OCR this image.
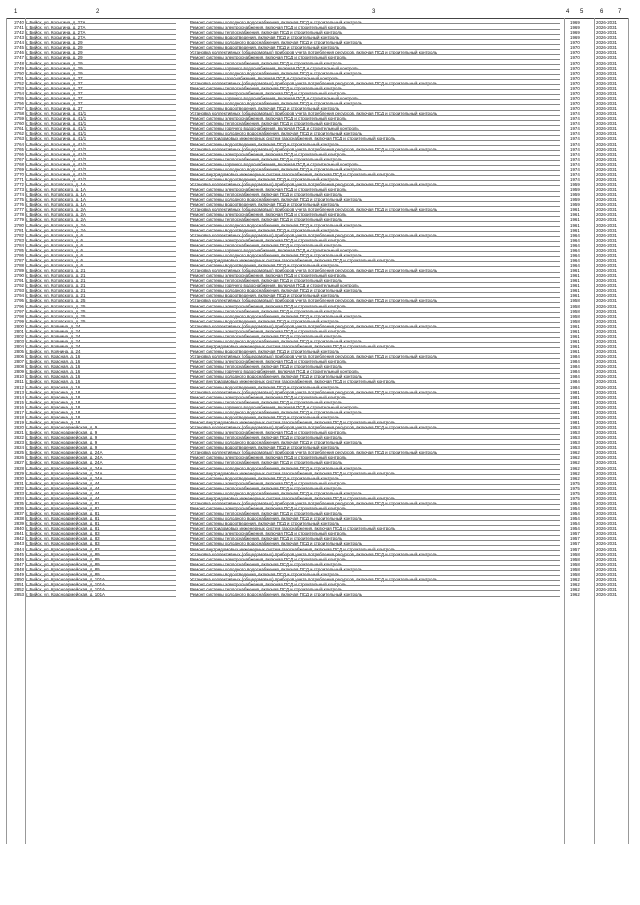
1	2	3	4 5	6 7
2740 г. Бийск, ул. Косыгина, д. 27А	Ремонт системы холодного водоснабжения, включая ПСД и строительный контроль	1969	2026-2031
2741 г. Бийск, ул. Косыгина, д. 27А	Ремонт системы электроснабжения, включая ПСД и строительный контроль	1969	2026-2031
2742 г. Бийск, ул. Косыгина, д. 27А	Ремонт системы теплоснабжения, включая ПСД и строительный контроль	1969	2026-2031
2743 г. Бийск, ул. Косыгина, д. 27А	Ремонт системы водоотведения, включая ПСД и строительный контроль	1969	2026-2031
2744 г. Бийск, ул. Косыгина, д. 29	Ремонт системы холодного водоснабжения, включая ПСД и строительный контроль	1970	2026-2031
2745 г. Бийск, ул. Косыгина, д. 29	Ремонт системы водоотведения, включая ПСД и строительный контроль	1970	2026-2031
2746 г. Бийск, ул. Косыгина, д. 29	Установка коллективных (общедомовых) приборов учета потребления ресурсов, включая ПСД и строительный контроль	1970	2026-2031
2747 г. Бийск, ул. Косыгина, д. 29	Ремонт системы электроснабжения, включая ПСД и строительный контроль	1970	2026-2031
2748 г. Бийск, ул. Косыгина, д. 29	Ремонт системы теплоснабжения, включая ПСД и строительный контроль	1970	2026-2031
2749 г. Бийск, ул. Косыгина, д. 29	Ремонт системы горячего водоснабжения, включая ПСД и строительный контроль	1970	2026-2031
2750 г. Бийск, ул. Косыгина, д. 29	Ремонт системы холодного водоснабжения, включая ПСД и строительный контроль	1970	2026-2031
2751 г. Бийск, ул. Косыгина, д. 37	Ремонт системы газоснабжения, включая ПСД и строительный контроль	1970	2026-2031
2752 г. Бийск, ул. Косыгина, д. 37	Установка коллективных (общедомовых) приборов учета потребления ресурсов, включая ПСД и строительный контроль	1970	2026-2031
2753 г. Бийск, ул. Косыгина, д. 37	Ремонт системы теплоснабжения, включая ПСД и строительный контроль	1970	2026-2031
2754 г. Бийск, ул. Косыгина, д. 37	Ремонт системы электроснабжения, включая ПСД и строительный контроль	1970	2026-2031
2755 г. Бийск, ул. Косыгина, д. 37	Ремонт системы горячего водоснабжения, включая ПСД и строительный контроль	1970	2026-2031
2756 г. Бийск, ул. Косыгина, д. 37	Ремонт системы холодного водоснабжения, включая ПСД и строительный контроль	1970	2026-2031
2757 г. Бийск, ул. Косыгина, д. 37	Ремонт системы водоотведения, включая ПСД и строительный контроль	1970	2026-2031
2758 г. Бийск, ул. Косыгина, д. 41/1	Установка коллективных (общедомовых) приборов учета потребления ресурсов, включая ПСД и строительный контроль	1974	2026-2031
2759 г. Бийск, ул. Косыгина, д. 41/1	Ремонт системы электроснабжения, включая ПСД и строительный контроль	1974	2026-2031
2760 г. Бийск, ул. Косыгина, д. 41/1	Ремонт системы теплоснабжения, включая ПСД и строительный контроль	1974	2026-2031
2761 г. Бийск, ул. Косыгина, д. 41/1	Ремонт системы горячего водоснабжения, включая ПСД и строительный контроль	1974	2026-2031
2762 г. Бийск, ул. Косыгина, д. 41/1	Ремонт системы холодного водоснабжения, включая ПСД и строительный контроль	1974	2026-2031
2763 г. Бийск, ул. Косыгина, д. 41/1	Ремонт внутридомовых инженерных систем газоснабжения, включая ПСД и строительный контроль	1974	2026-2031
2764 г. Бийск, ул. Косыгина, д. 41/1	Ремонт системы водоотведения, включая ПСД и строительный контроль	1974	2026-2031
2765 г. Бийск, ул. Косыгина, д. 41/2	Установка коллективных (общедомовых) приборов учета потребления ресурсов, включая ПСД и строительный контроль	1974	2026-2031
2766 г. Бийск, ул. Косыгина, д. 41/2	Ремонт системы электроснабжения, включая ПСД и строительный контроль	1974	2026-2031
2767 г. Бийск, ул. Косыгина, д. 41/2	Ремонт системы теплоснабжения, включая ПСД и строительный контроль	1974	2026-2031
2768 г. Бийск, ул. Косыгина, д. 41/2	Ремонт системы горячего водоснабжения, включая ПСД и строительный контроль	1974	2026-2031
2769 г. Бийск, ул. Косыгина, д. 41/2	Ремонт системы холодного водоснабжения, включая ПСД и строительный контроль	1974	2026-2031
2770 г. Бийск, ул. Косыгина, д. 41/2	Ремонт внутридомовых инженерных систем газоснабжения, включая ПСД и строительный контроль	1974	2026-2031
2771 г. Бийск, ул. Косыгина, д. 41/2	Ремонт системы водоотведения, включая ПСД и строительный контроль	1974	2026-2031
2772 г. Бийск, ул. Котовского, д. 1А	Установка коллективных (общедомовых) приборов учета потребления ресурсов, включая ПСД и строительный контроль	1959	2026-2031
2773 г. Бийск, ул. Котовского, д. 1А	Ремонт системы электроснабжения, включая ПСД и строительный контроль	1959	2026-2031
2774 г. Бийск, ул. Котовского, д. 1А	Ремонт системы теплоснабжения, включая ПСД и строительный контроль	1959	2026-2031
2775 г. Бийск, ул. Котовского, д. 1А	Ремонт системы холодного водоснабжения, включая ПСД и строительный контроль	1959	2026-2031
2776 г. Бийск, ул. Котовского, д. 1А	Ремонт системы водоотведения, включая ПСД и строительный контроль	1959	2026-2031
2777 г. Бийск, ул. Котовского, д. 2А	Установка коллективных (общедомовых) приборов учета потребления ресурсов, включая ПСД и строительный контроль	1961	2026-2031
2778 г. Бийск, ул. Котовского, д. 2А	Ремонт системы электроснабжения, включая ПСД и строительный контроль	1961	2026-2031
2779 г. Бийск, ул. Котовского, д. 2А	Ремонт системы теплоснабжения, включая ПСД и строительный контроль	1961	2026-2031
2780 г. Бийск, ул. Котовского, д. 2А	Ремонт системы холодного водоснабжения, включая ПСД и строительный контроль	1961	2026-2031
2781 г. Бийск, ул. Котовского, д. 2А	Ремонт системы водоотведения, включая ПСД и строительный контроль	1961	2026-2031
2782 г. Бийск, ул. Котовского, д. 6	Установка коллективных (общедомовых) приборов учета потребления ресурсов, включая ПСД и строительный контроль	1964	2026-2031
2783 г. Бийск, ул. Котовского, д. 6	Ремонт системы электроснабжения, включая ПСД и строительный контроль	1964	2026-2031
2784 г. Бийск, ул. Котовского, д. 6	Ремонт системы теплоснабжения, включая ПСД и строительный контроль	1964	2026-2031
2785 г. Бийск, ул. Котовского, д. 6	Ремонт системы горячего водоснабжения, включая ПСД и строительный контроль	1964	2026-2031
2786 г. Бийск, ул. Котовского, д. 6	Ремонт системы холодного водоснабжения, включая ПСД и строительный контроль	1964	2026-2031
2787 г. Бийск, ул. Котовского, д. 6	Ремонт внутридомовых инженерных систем газоснабжения, включая ПСД и строительный контроль	1964	2026-2031
2788 г. Бийск, ул. Котовского, д. 6	Ремонт системы водоотведения, включая ПСД и строительный контроль	1964	2026-2031
2789 г. Бийск, ул. Котовского, д. 21	Установка коллективных (общедомовых) приборов учета потребления ресурсов, включая ПСД и строительный контроль	1961	2026-2031
2790 г. Бийск, ул. Котовского, д. 21	Ремонт системы электроснабжения, включая ПСД и строительный контроль	1961	2026-2031
2791 г. Бийск, ул. Котовского, д. 21	Ремонт системы теплоснабжения, включая ПСД и строительный контроль	1961	2026-2031
2792 г. Бийск, ул. Котовского, д. 21	Ремонт системы горячего водоснабжения, включая ПСД и строительный контроль	1961	2026-2031
2793 г. Бийск, ул. Котовского, д. 21	Ремонт системы холодного водоснабжения, включая ПСД и строительный контроль	1961	2026-2031
2794 г. Бийск, ул. Котовского, д. 21	Ремонт системы водоотведения, включая ПСД и строительный контроль	1961	2026-2031
2795 г. Бийск, ул. Котовского, д. 25	Установка коллективных (общедомовых) приборов учета потребления ресурсов, включая ПСД и строительный контроль	1958	2026-2031
2796 г. Бийск, ул. Котовского, д. 25	Ремонт системы электроснабжения, включая ПСД и строительный контроль	1958	2026-2031
2797 г. Бийск, ул. Котовского, д. 25	Ремонт системы теплоснабжения, включая ПСД и строительный контроль	1958	2026-2031
2798 г. Бийск, ул. Котовского, д. 25	Ремонт системы холодного водоснабжения, включая ПСД и строительный контроль	1958	2026-2031
2799 г. Бийск, ул. Котовского, д. 25	Ремонт системы водоотведения, включая ПСД и строительный контроль	1958	2026-2031
2800 г. Бийск, ул. Коянина, д. 24	Установка коллективных (общедомовых) приборов учета потребления ресурсов, включая ПСД и строительный контроль	1961	2026-2031
2801 г. Бийск, ул. Коянина, д. 24	Ремонт системы электроснабжения, включая ПСД и строительный контроль	1961	2026-2031
2802 г. Бийск, ул. Коянина, д. 24	Ремонт системы теплоснабжения, включая ПСД и строительный контроль	1961	2026-2031
2803 г. Бийск, ул. Коянина, д. 24	Ремонт системы холодного водоснабжения, включая ПСД и строительный контроль	1961	2026-2031
2804 г. Бийск, ул. Коянина, д. 24	Ремонт внутридомовых инженерных систем газоснабжения, включая ПСД и строительный контроль	1961	2026-2031
2805 г. Бийск, ул. Коянина, д. 24	Ремонт системы водоотведения, включая ПСД и строительный контроль	1961	2026-2031
2806 г. Бийск, ул. Красная, д. 16	Установка коллективных (общедомовых) приборов учета потребления ресурсов, включая ПСД и строительный контроль	1984	2026-2031
2807 г. Бийск, ул. Красная, д. 16	Ремонт системы электроснабжения, включая ПСД и строительный контроль	1984	2026-2031
2808 г. Бийск, ул. Красная, д. 16	Ремонт системы теплоснабжения, включая ПСД и строительный контроль	1984	2026-2031
2809 г. Бийск, ул. Красная, д. 16	Ремонт системы горячего водоснабжения, включая ПСД и строительный контроль	1984	2026-2031
2810 г. Бийск, ул. Красная, д. 16	Ремонт системы холодного водоснабжения, включая ПСД и строительный контроль	1984	2026-2031
2811 г. Бийск, ул. Красная, д. 16	Ремонт внутридомовых инженерных систем газоснабжения, включая ПСД и строительный контроль	1984	2026-2031
2812 г. Бийск, ул. Красная, д. 16	Ремонт системы водоотведения, включая ПСД и строительный контроль	1984	2026-2031
2813 г. Бийск, ул. Красина, д. 18	Установка коллективных (общедомовых) приборов учета потребления ресурсов, включая ПСД и строительный контроль	1981	2026-2031
2814 г. Бийск, ул. Красина, д. 18	Ремонт системы электроснабжения, включая ПСД и строительный контроль	1981	2026-2031
2815 г. Бийск, ул. Красина, д. 18	Ремонт системы теплоснабжения, включая ПСД и строительный контроль	1981	2026-2031
2816 г. Бийск, ул. Красина, д. 18	Ремонт системы горячего водоснабжения, включая ПСД и строительный контроль	1981	2026-2031
2817 г. Бийск, ул. Красина, д. 18	Ремонт системы холодного водоснабжения, включая ПСД и строительный контроль	1981	2026-2031
2818 г. Бийск, ул. Красина, д. 18	Ремонт системы водоотведения, включая ПСД и строительный контроль	1981	2026-2031
2819 г. Бийск, ул. Красина, д. 18	Ремонт внутридомовых инженерных систем газоснабжения, включая ПСД и строительный контроль	1981	2026-2031
2820 г. Бийск, ул. Красноармейская, д. 9	Установка коллективных (общедомовых) приборов учета потребления ресурсов, включая ПСД и строительный контроль	1953	2026-2031
2821 г. Бийск, ул. Красноармейская, д. 9	Ремонт системы электроснабжения, включая ПСД и строительный контроль	1953	2026-2031
2822 г. Бийск, ул. Красноармейская, д. 9	Ремонт системы теплоснабжения, включая ПСД и строительный контроль	1953	2026-2031
2823 г. Бийск, ул. Красноармейская, д. 9	Ремонт системы холодного водоснабжения, включая ПСД и строительный контроль	1953	2026-2031
2824 г. Бийск, ул. Красноармейская, д. 9	Ремонт системы водоотведения, включая ПСД и строительный контроль	1953	2026-2031
2825 г. Бийск, ул. Красноармейская, д. 24А	Установка коллективных (общедомовых) приборов учета потребления ресурсов, включая ПСД и строительный контроль	1962	2026-2031
2826 г. Бийск, ул. Красноармейская, д. 24А	Ремонт системы электроснабжения, включая ПСД и строительный контроль	1962	2026-2031
2827 г. Бийск, ул. Красноармейская, д. 24А	Ремонт системы теплоснабжения, включая ПСД и строительный контроль	1962	2026-2031
2828 г. Бийск, ул. Красноармейская, д. 24А	Ремонт системы холодного водоснабжения, включая ПСД и строительный контроль	1962	2026-2031
2829 г. Бийск, ул. Красноармейская, д. 24А	Ремонт внутридомовых инженерных систем газоснабжения, включая ПСД и строительный контроль	1962	2026-2031
2830 г. Бийск, ул. Красноармейская, д. 24А	Ремонт системы водоотведения, включая ПСД и строительный контроль	1962	2026-2031
2831 г. Бийск, ул. Красноармейская, д. 44	Ремонт системы электроснабжения, включая ПСД и строительный контроль	1975	2026-2031
2832 г. Бийск, ул. Красноармейская, д. 44	Ремонт системы теплоснабжения, включая ПСД и строительный контроль	1975	2026-2031
2833 г. Бийск, ул. Красноармейская, д. 44	Ремонт системы холодного водоснабжения, включая ПСД и строительный контроль	1975	2026-2031
2834 г. Бийск, ул. Красноармейская, д. 44	Ремонт внутридомовых инженерных систем газоснабжения, включая ПСД и строительный контроль	1975	2026-2031
2835 г. Бийск, ул. Красноармейская, д. 81	Установка коллективных (общедомовых) приборов учета потребления ресурсов, включая ПСД и строительный контроль	1954	2026-2031
2836 г. Бийск, ул. Красноармейская, д. 81	Ремонт системы электроснабжения, включая ПСД и строительный контроль	1954	2026-2031
2837 г. Бийск, ул. Красноармейская, д. 81	Ремонт системы теплоснабжения, включая ПСД и строительный контроль	1954	2026-2031
2838 г. Бийск, ул. Красноармейская, д. 81	Ремонт системы холодного водоснабжения, включая ПСД и строительный контроль	1954	2026-2031
2839 г. Бийск, ул. Красноармейская, д. 81	Ремонт системы водоотведения, включая ПСД и строительный контроль	1954	2026-2031
2840 г. Бийск, ул. Красноармейская, д. 81	Ремонт внутридомовых инженерных систем газоснабжения, включая ПСД и строительный контроль	1954	2026-2031
2841 г. Бийск, ул. Красноармейская, д. 83	Ремонт системы электроснабжения, включая ПСД и строительный контроль	1957	2026-2031
2842 г. Бийск, ул. Красноармейская, д. 83	Ремонт системы теплоснабжения, включая ПСД и строительный контроль	1957	2026-2031
2843 г. Бийск, ул. Красноармейская, д. 83	Ремонт системы холодного водоснабжения, включая ПСД и строительный контроль	1957	2026-2031
2844 г. Бийск, ул. Красноармейская, д. 83	Ремонт внутридомовых инженерных систем газоснабжения, включая ПСД и строительный контроль	1957	2026-2031
2845 г. Бийск, ул. Красноармейская, д. 89	Установка коллективных (общедомовых) приборов учета потребления ресурсов, включая ПСД и строительный контроль	1958	2026-2031
2846 г. Бийск, ул. Красноармейская, д. 89	Ремонт системы электроснабжения, включая ПСД и строительный контроль	1958	2026-2031
2847 г. Бийск, ул. Красноармейская, д. 89	Ремонт системы теплоснабжения, включая ПСД и строительный контроль	1958	2026-2031
2848 г. Бийск, ул. Красноармейская, д. 89	Ремонт системы холодного водоснабжения, включая ПСД и строительный контроль	1958	2026-2031
2849 г. Бийск, ул. Красноармейская, д. 89	Ремонт системы водоотведения, включая ПСД и строительный контроль	1958	2026-2031
2850 г. Бийск, ул. Красноармейская, д. 101А	Установка коллективных (общедомовых) приборов учета потребления ресурсов, включая ПСД и строительный контроль	1962	2026-2031
2851 г. Бийск, ул. Красноармейская, д. 101А	Ремонт системы электроснабжения, включая ПСД и строительный контроль	1962	2026-2031
2852 г. Бийск, ул. Красноармейская, д. 101А	Ремонт системы теплоснабжения, включая ПСД и строительный контроль	1962	2026-2031
2853 г. Бийск, ул. Красноармейская, д. 101А	Ремонт системы холодного водоснабжения, включая ПСД и строительный контроль	1962	2026-2031
